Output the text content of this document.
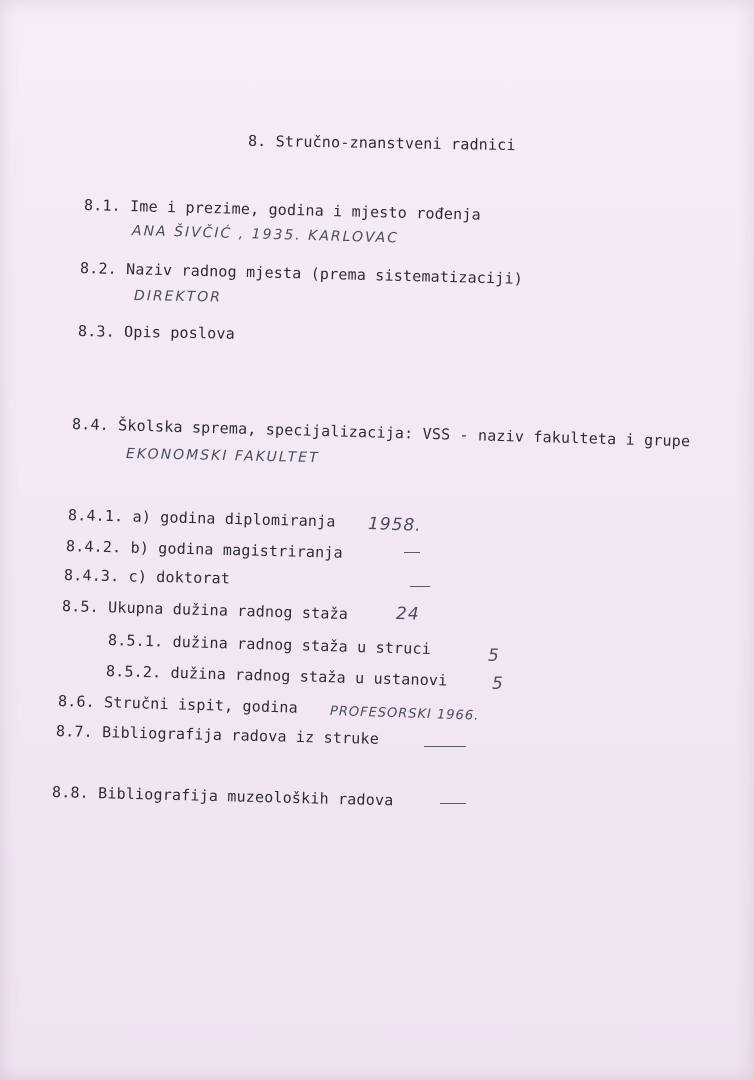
8. Stručno-znanstveni radnici
8.1. Ime i prezime, godina i mjesto rođenja
ANA ŠIVČIĆ , 1935. KARLOVAC
8.2. Naziv radnog mjesta (prema sistematizaciji)
DIREKTOR
8.3. Opis poslova
8.4. Školska sprema, specijalizacija: VSS - naziv fakulteta i grupe
EKONOMSKI FAKULTET
8.4.1. a) godina diplomiranja 1958.
8.4.2. b) godina magistriranja
8.4.3. c) doktorat
8.5. Ukupna dužina radnog staža	24
8.5.1. dužina radnog staža u struci	5
8.5.2. dužina radnog staža u ustanovi	5
8.6. Stručni ispit, godina PROFESORSKI 1966.
8.7. Bibliografija radova iz struke
8.8. Bibliografija muzeoloških radova
